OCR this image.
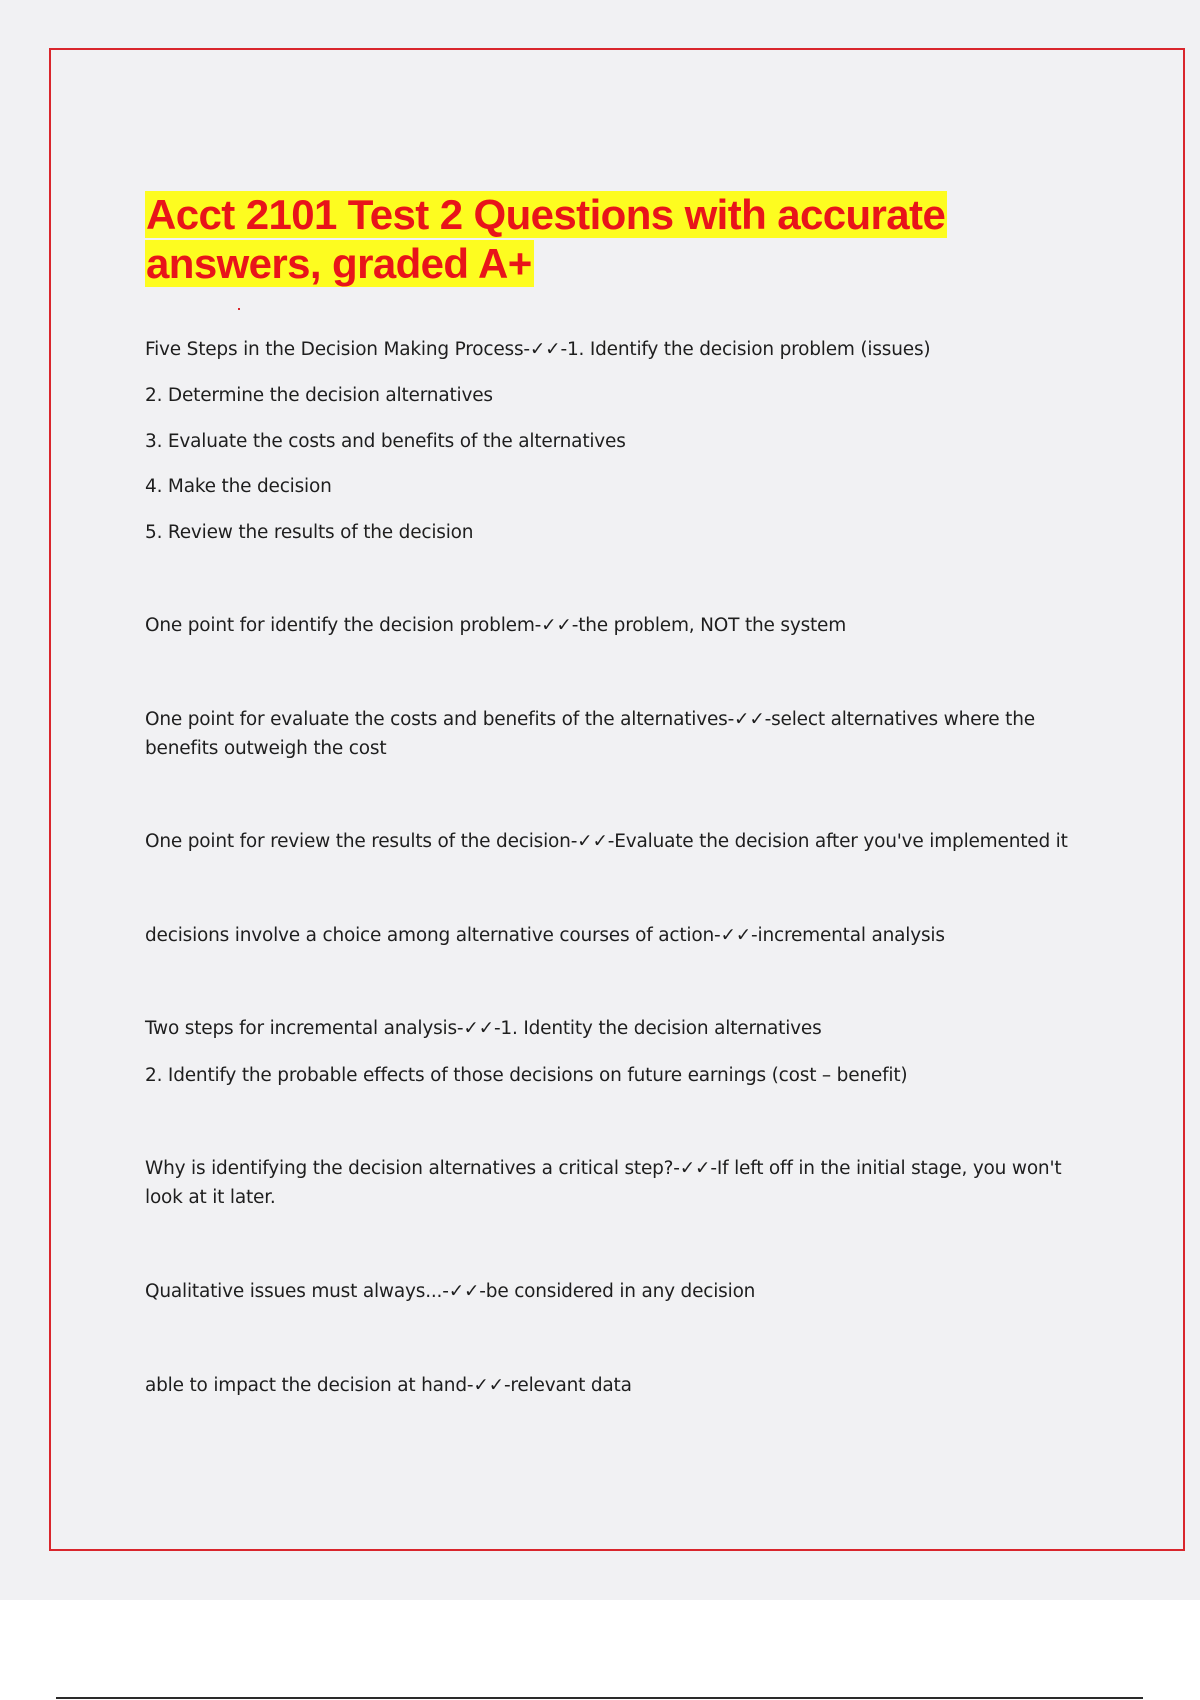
Acct 2101 Test 2 Questions with accurate answers, graded A+

Five Steps in the Decision Making Process-✓✓-1. Identify the decision problem (issues)

2. Determine the decision alternatives

3. Evaluate the costs and benefits of the alternatives

4. Make the decision

5. Review the results of the decision

One point for identify the decision problem-✓✓-the problem, NOT the system

One point for evaluate the costs and benefits of the alternatives-✓✓-select alternatives where the benefits outweigh the cost

One point for review the results of the decision-✓✓-Evaluate the decision after you've implemented it

decisions involve a choice among alternative courses of action-✓✓-incremental analysis

Two steps for incremental analysis-✓✓-1. Identity the decision alternatives

2. Identify the probable effects of those decisions on future earnings (cost – benefit)

Why is identifying the decision alternatives a critical step?-✓✓-If left off in the initial stage, you won't look at it later.

Qualitative issues must always...-✓✓-be considered in any decision

able to impact the decision at hand-✓✓-relevant data
